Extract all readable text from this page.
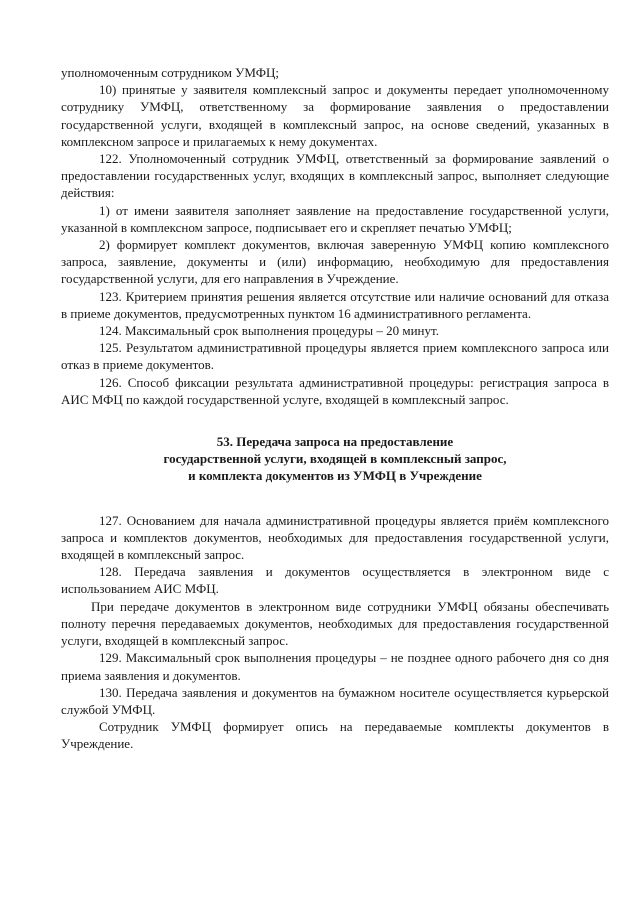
уполномоченным сотрудником УМФЦ;

10) принятые у заявителя комплексный запрос и документы передает уполномоченному сотруднику УМФЦ, ответственному за формирование заявления о предоставлении государственной услуги, входящей в комплексный запрос, на основе сведений, указанных в комплексном запросе и прилагаемых к нему документах.

122. Уполномоченный сотрудник УМФЦ, ответственный за формирование заявлений о предоставлении государственных услуг, входящих в комплексный запрос, выполняет следующие действия:

1) от имени заявителя заполняет заявление на предоставление государственной услуги, указанной в комплексном запросе, подписывает его и скрепляет печатью УМФЦ;

2) формирует комплект документов, включая заверенную УМФЦ копию комплексного запроса, заявление, документы и (или) информацию, необходимую для предоставления государственной услуги, для его направления в Учреждение.

123. Критерием принятия решения является отсутствие или наличие оснований для отказа в приеме документов, предусмотренных пунктом 16 административного регламента.

124. Максимальный срок выполнения процедуры – 20 минут.

125. Результатом административной процедуры является прием комплексного запроса или отказ в приеме документов.

126. Способ фиксации результата административной процедуры: регистрация запроса в АИС МФЦ по каждой государственной услуге, входящей в комплексный запрос.

53. Передача запроса на предоставление
государственной услуги, входящей в комплексный запрос,
и комплекта документов из УМФЦ в Учреждение

127. Основанием для начала административной процедуры является приём комплексного запроса и комплектов документов, необходимых для предоставления государственной услуги, входящей в комплексный запрос.

128. Передача заявления и документов осуществляется в электронном виде с использованием АИС МФЦ.

При передаче документов в электронном виде сотрудники УМФЦ обязаны обеспечивать полноту перечня передаваемых документов, необходимых для предоставления государственной услуги, входящей в комплексный запрос.

129. Максимальный срок выполнения процедуры – не позднее одного рабочего дня со дня приема заявления и документов.

130. Передача заявления и документов на бумажном носителе осуществляется курьерской службой УМФЦ.

Сотрудник УМФЦ формирует опись на передаваемые комплекты документов в Учреждение.
